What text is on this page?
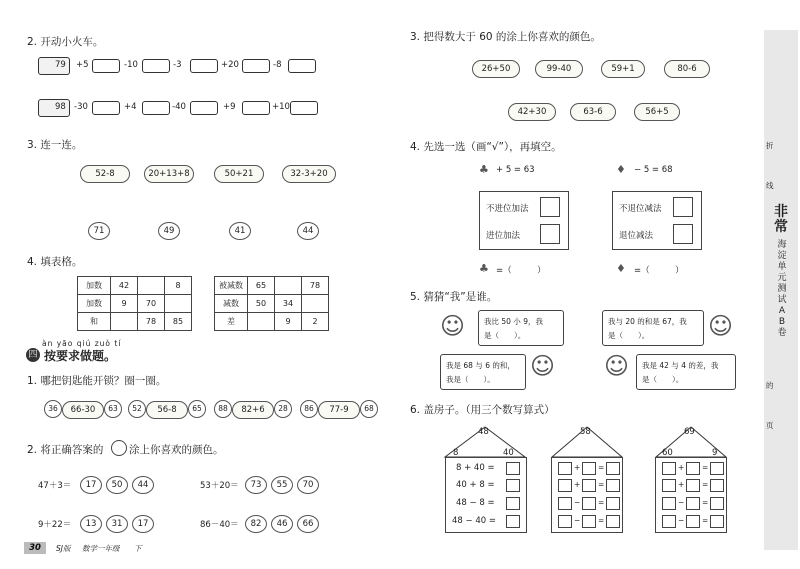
2. 开动小火车。
79 +5	-10	-3	+20	-8
98 -30	+4	-40	+9	+10
3. 连一连。
52-8	20+13+8	50+21	32-3+20
71	49	41	44
4. 填表格。
加数	42		8
加数	9	70	
和		78	85
被减数	65		78
减数	50	34	
差		9	2
àn yāo qiú zuò tí
四 按要求做题。
1. 哪把钥匙能开锁？圈一圈。
36	66-30	63	52	56-8	65	88	82+6	28	86	77-9	68
2. 将正确答案的 涂上你喜欢的颜色。
47＋3＝	17	50	44	53＋20＝	73	55	70
9＋22＝	13	31	17	86－40＝	82	46	66
30	SJ版 数学一年级 下
3. 把得数大于 60 的涂上你喜欢的颜色。
26+50	99-40	59+1	80-6
42+30	63-6	56+5
4. 先选一选（画“√”），再填空。
♣ + 5 = 63	♦ − 5 = 68
不进位加法
进位加法
不退位减法
退位减法
♣ =（　　　）	♦ =（　　　）
5. 猜猜“我”是谁。
☺	我比 50 小 9，我
是（　　）。
我与 20 的和是 67，我
是（　　）。 ☺
我是 68 与 6 的和，
我是（　　）。 ☺ ☺ 我是 42 与 4 的差，我
是（　　）。
6. 盖房子。（用三个数写算式）
48
8	40
8 + 40 =
40 + 8 =
48 − 8 =
48 − 40 =
58
+ =
+ =
− =
− =
69
60	9
+ =
+ =
− =
− =
非常
海淀单元测试AB卷
折
线
的
页
